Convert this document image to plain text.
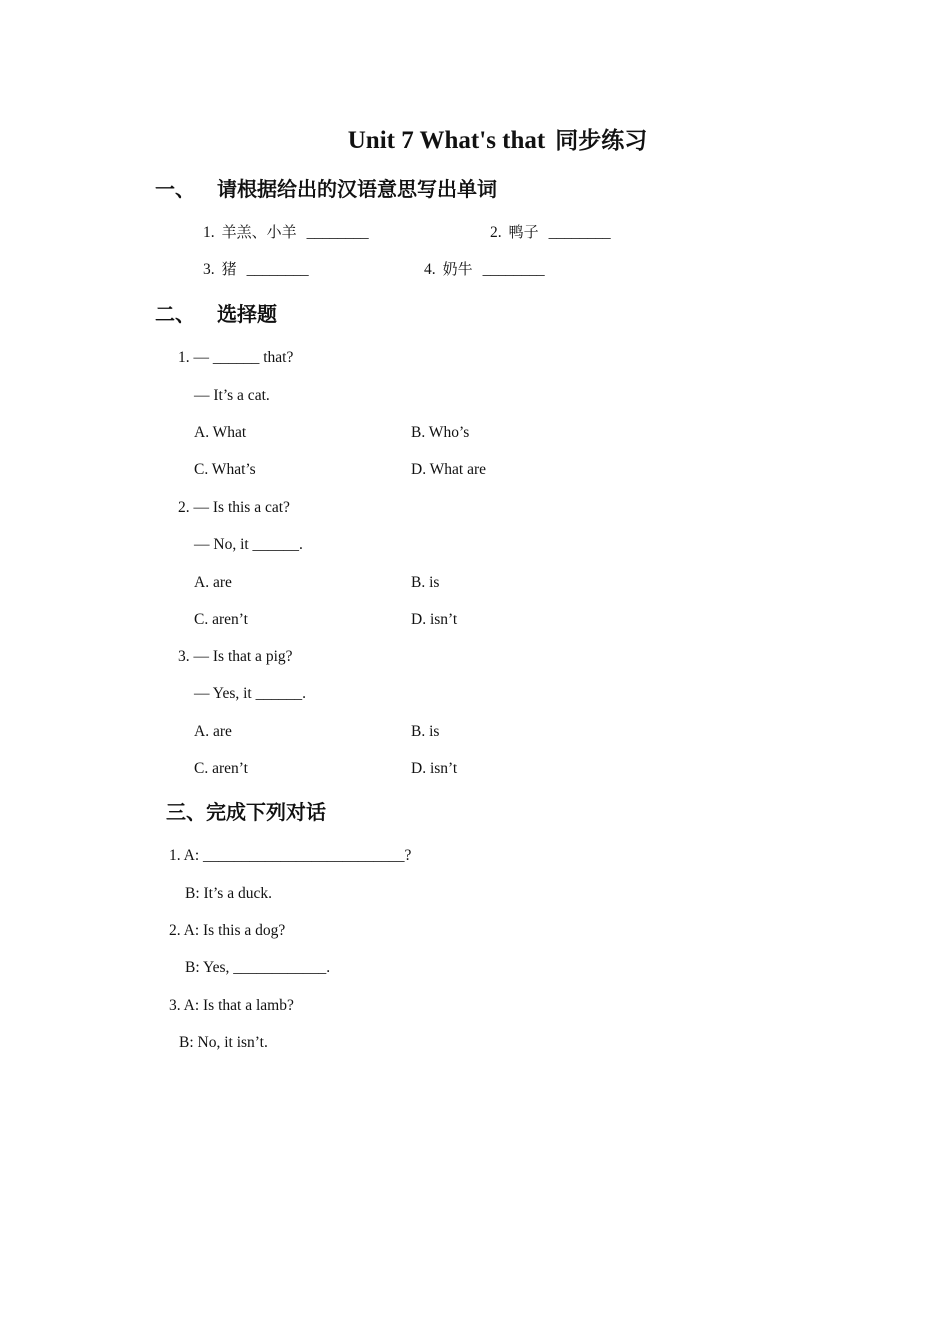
Unit 7 What's that 同步练习
一、 请根据给出的汉语意思写出单词
1. 羊羔、小羊 ________	2. 鸭子 ________
3. 猪 ________	4. 奶牛 ________
二、 选择题
1. — ______ that?
— It’s a cat.
A. What	B. Who’s
C. What’s	D. What are
2. — Is this a cat?
— No, it ______.
A. are	B. is
C. aren’t	D. isn’t
3. — Is that a pig?
— Yes, it ______.
A. are	B. is
C. aren’t	D. isn’t
三、完成下列对话
1. A: __________________________?
B: It’s a duck.
2. A: Is this a dog?
B: Yes, ____________.
3. A: Is that a lamb?
B: No, it isn’t.
